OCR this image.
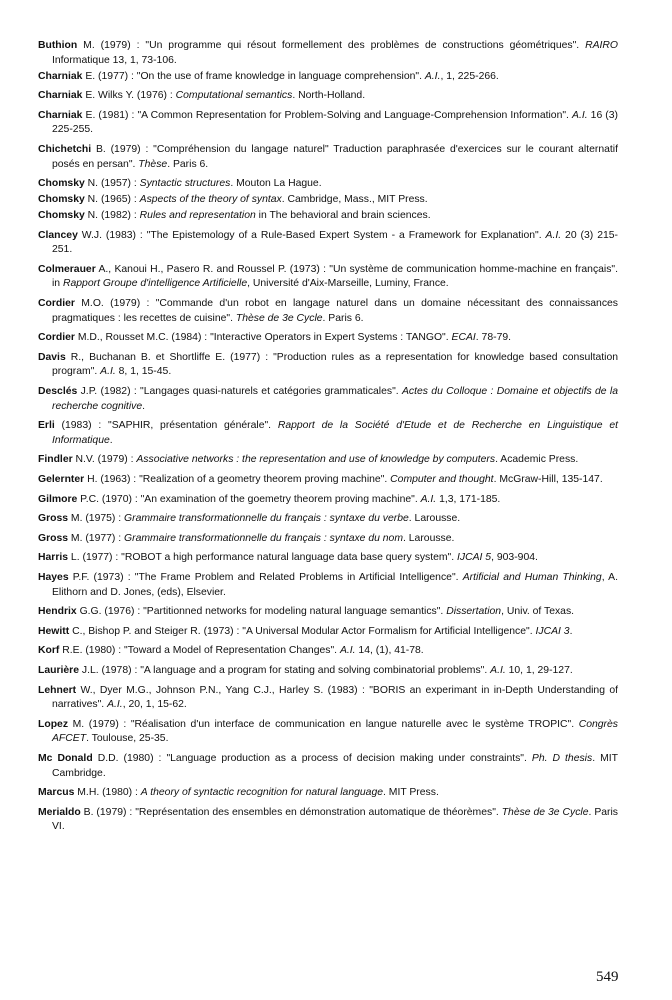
Buthion M. (1979) : "Un programme qui résout formellement des problèmes de constructions géométriques". RAIRO Informatique 13, 1, 73-106.

Charniak E. (1977) : "On the use of frame knowledge in language comprehension". A.I., 1, 225-266.

Charniak E. Wilks Y. (1976) : Computational semantics. North-Holland.

Charniak E. (1981) : "A Common Representation for Problem-Solving and Language-Comprehension Information". A.I. 16 (3) 225-255.

Chichetchi B. (1979) : "Compréhension du langage naturel" Traduction paraphrasée d'exercices sur le courant alternatif posés en persan". Thèse. Paris 6.

Chomsky N. (1957) : Syntactic structures. Mouton La Hague.

Chomsky N. (1965) : Aspects of the theory of syntax. Cambridge, Mass., MIT Press.

Chomsky N. (1982) : Rules and representation in The behavioral and brain sciences.

Clancey W.J. (1983) : "The Epistemology of a Rule-Based Expert System - a Framework for Explanation". A.I. 20 (3) 215-251.

Colmerauer A., Kanoui H., Pasero R. and Roussel P. (1973) : "Un système de communication homme-machine en français". in Rapport Groupe d'intelligence Artificielle, Université d'Aix-Marseille, Luminy, France.

Cordier M.O. (1979) : "Commande d'un robot en langage naturel dans un domaine nécessitant des connaissances pragmatiques : les recettes de cuisine". Thèse de 3e Cycle. Paris 6.

Cordier M.D., Rousset M.C. (1984) : "Interactive Operators in Expert Systems : TANGO". ECAI. 78-79.

Davis R., Buchanan B. et Shortliffe E. (1977) : "Production rules as a representation for knowledge based consultation program". A.I. 8, 1, 15-45.

Desclés J.P. (1982) : "Langages quasi-naturels et catégories grammaticales". Actes du Colloque : Domaine et objectifs de la recherche cognitive.

Erli (1983) : "SAPHIR, présentation générale". Rapport de la Société d'Etude et de Recherche en Linguistique et Informatique.

Findler N.V. (1979) : Associative networks : the representation and use of knowledge by computers. Academic Press.

Gelernter H. (1963) : "Realization of a geometry theorem proving machine". Computer and thought. McGraw-Hill, 135-147.

Gilmore P.C. (1970) : "An examination of the goemetry theorem proving machine". A.I. 1,3, 171-185.

Gross M. (1975) : Grammaire transformationnelle du français : syntaxe du verbe. Larousse.

Gross M. (1977) : Grammaire transformationnelle du français : syntaxe du nom. Larousse.

Harris L. (1977) : "ROBOT a high performance natural language data base query system". IJCAI 5, 903-904.

Hayes P.F. (1973) : "The Frame Problem and Related Problems in Artificial Intelligence". Artificial and Human Thinking, A. Elithorn and D. Jones, (eds), Elsevier.

Hendrix G.G. (1976) : "Partitionned networks for modeling natural language semantics". Dissertation, Univ. of Texas.

Hewitt C., Bishop P. and Steiger R. (1973) : "A Universal Modular Actor Formalism for Artificial Intelligence". IJCAI 3.

Korf R.E. (1980) : "Toward a Model of Representation Changes". A.I. 14, (1), 41-78.

Laurière J.L. (1978) : "A language and a program for stating and solving combinatorial problems". A.I. 10, 1, 29-127.

Lehnert W., Dyer M.G., Johnson P.N., Yang C.J., Harley S. (1983) : "BORIS an experimant in in-Depth Understanding of narratives". A.I., 20, 1, 15-62.

Lopez M. (1979) : "Réalisation d'un interface de communication en langue naturelle avec le système TROPIC". Congrès AFCET. Toulouse, 25-35.

Mc Donald D.D. (1980) : "Language production as a process of decision making under constraints". Ph. D thesis. MIT Cambridge.

Marcus M.H. (1980) : A theory of syntactic recognition for natural language. MIT Press.

Merialdo B. (1979) : "Représentation des ensembles en démonstration automatique de théorèmes". Thèse de 3e Cycle. Paris VI.

549
